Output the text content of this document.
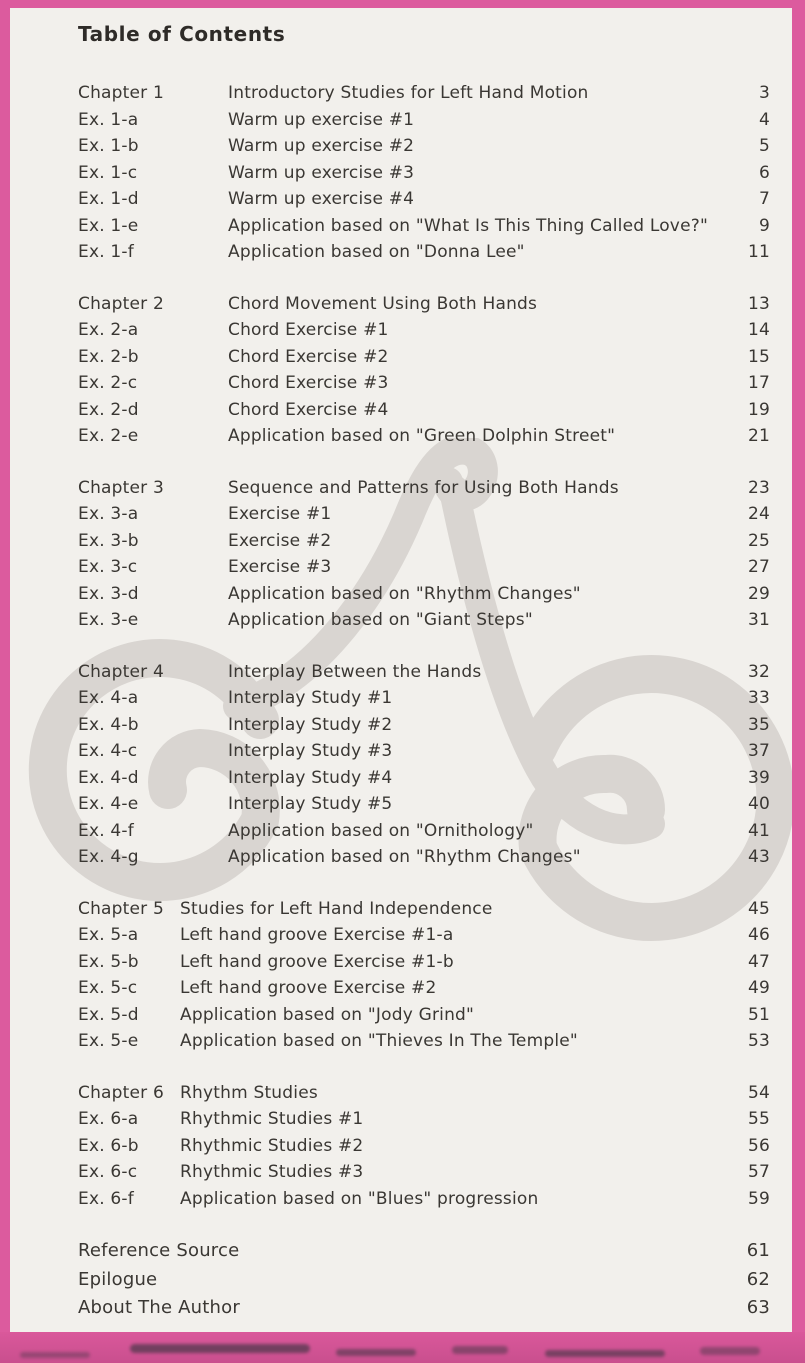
Table of Contents
Chapter 1	Introductory Studies for Left Hand Motion	3
Ex. 1-a	Warm up exercise #1	4
Ex. 1-b	Warm up exercise #2	5
Ex. 1-c	Warm up exercise #3	6
Ex. 1-d	Warm up exercise #4	7
Ex. 1-e	Application based on "What Is This Thing Called Love?"	9
Ex. 1-f	Application based on "Donna Lee"	11
Chapter 2	Chord Movement Using Both Hands	13
Ex. 2-a	Chord Exercise #1	14
Ex. 2-b	Chord Exercise #2	15
Ex. 2-c	Chord Exercise #3	17
Ex. 2-d	Chord Exercise #4	19
Ex. 2-e	Application based on "Green Dolphin Street"	21
Chapter 3	Sequence and Patterns for Using Both Hands	23
Ex. 3-a	Exercise #1	24
Ex. 3-b	Exercise #2	25
Ex. 3-c	Exercise #3	27
Ex. 3-d	Application based on "Rhythm Changes"	29
Ex. 3-e	Application based on "Giant Steps"	31
Chapter 4	Interplay Between the Hands	32
Ex. 4-a	Interplay Study #1	33
Ex. 4-b	Interplay Study #2	35
Ex. 4-c	Interplay Study #3	37
Ex. 4-d	Interplay Study #4	39
Ex. 4-e	Interplay Study #5	40
Ex. 4-f	Application based on "Ornithology"	41
Ex. 4-g	Application based on "Rhythm Changes"	43
Chapter 5 Studies for Left Hand Independence	45
Ex. 5-a	Left hand groove Exercise #1-a	46
Ex. 5-b	Left hand groove Exercise #1-b	47
Ex. 5-c	Left hand groove Exercise #2	49
Ex. 5-d	Application based on "Jody Grind"	51
Ex. 5-e	Application based on "Thieves In The Temple"	53
Chapter 6 Rhythm Studies	54
Ex. 6-a	Rhythmic Studies #1	55
Ex. 6-b	Rhythmic Studies #2	56
Ex. 6-c	Rhythmic Studies #3	57
Ex. 6-f	Application based on "Blues" progression	59
Reference Source	61
Epilogue	62
About The Author	63
